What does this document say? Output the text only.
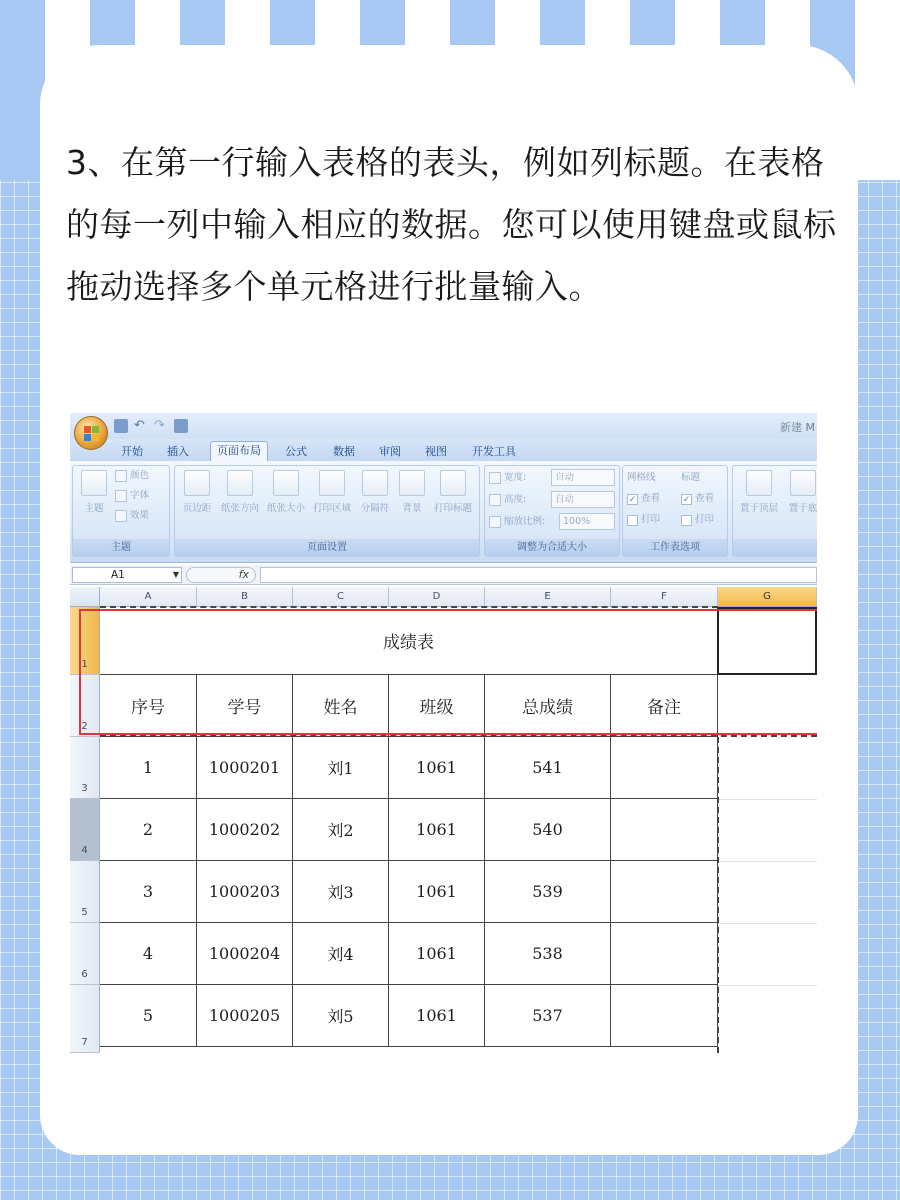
3、在第一行输入表格的表头，例如列标题。在表格的每一列中输入相应的数据。您可以使用键盘或鼠标拖动选择多个单元格进行批量输入。
↶ ↷	新建 M
开始	插入	页面布局	公式	数据	审阅	视图	开发工具
主题
颜色
字体
效果
主题
页边距	纸张方向 纸张大小 打印区域	分隔符	背景	打印标题
页面设置
宽度:	自动
高度:	自动
缩放比例:	100%
调整为合适大小
网格线	标题
✓ 查看	✓ 查看
打印	打印
工作表选项
置于顶层	置于底
A1	▼	fx
A	B	C	D	E	F	G
1
2
3
4
5
6
7
成绩表
序号	学号	姓名	班级	总成绩	备注
1	1000201	刘1	1061	541
2	1000202	刘2	1061	540
3	1000203	刘3	1061	539
4	1000204	刘4	1061	538
5	1000205	刘5	1061	537
